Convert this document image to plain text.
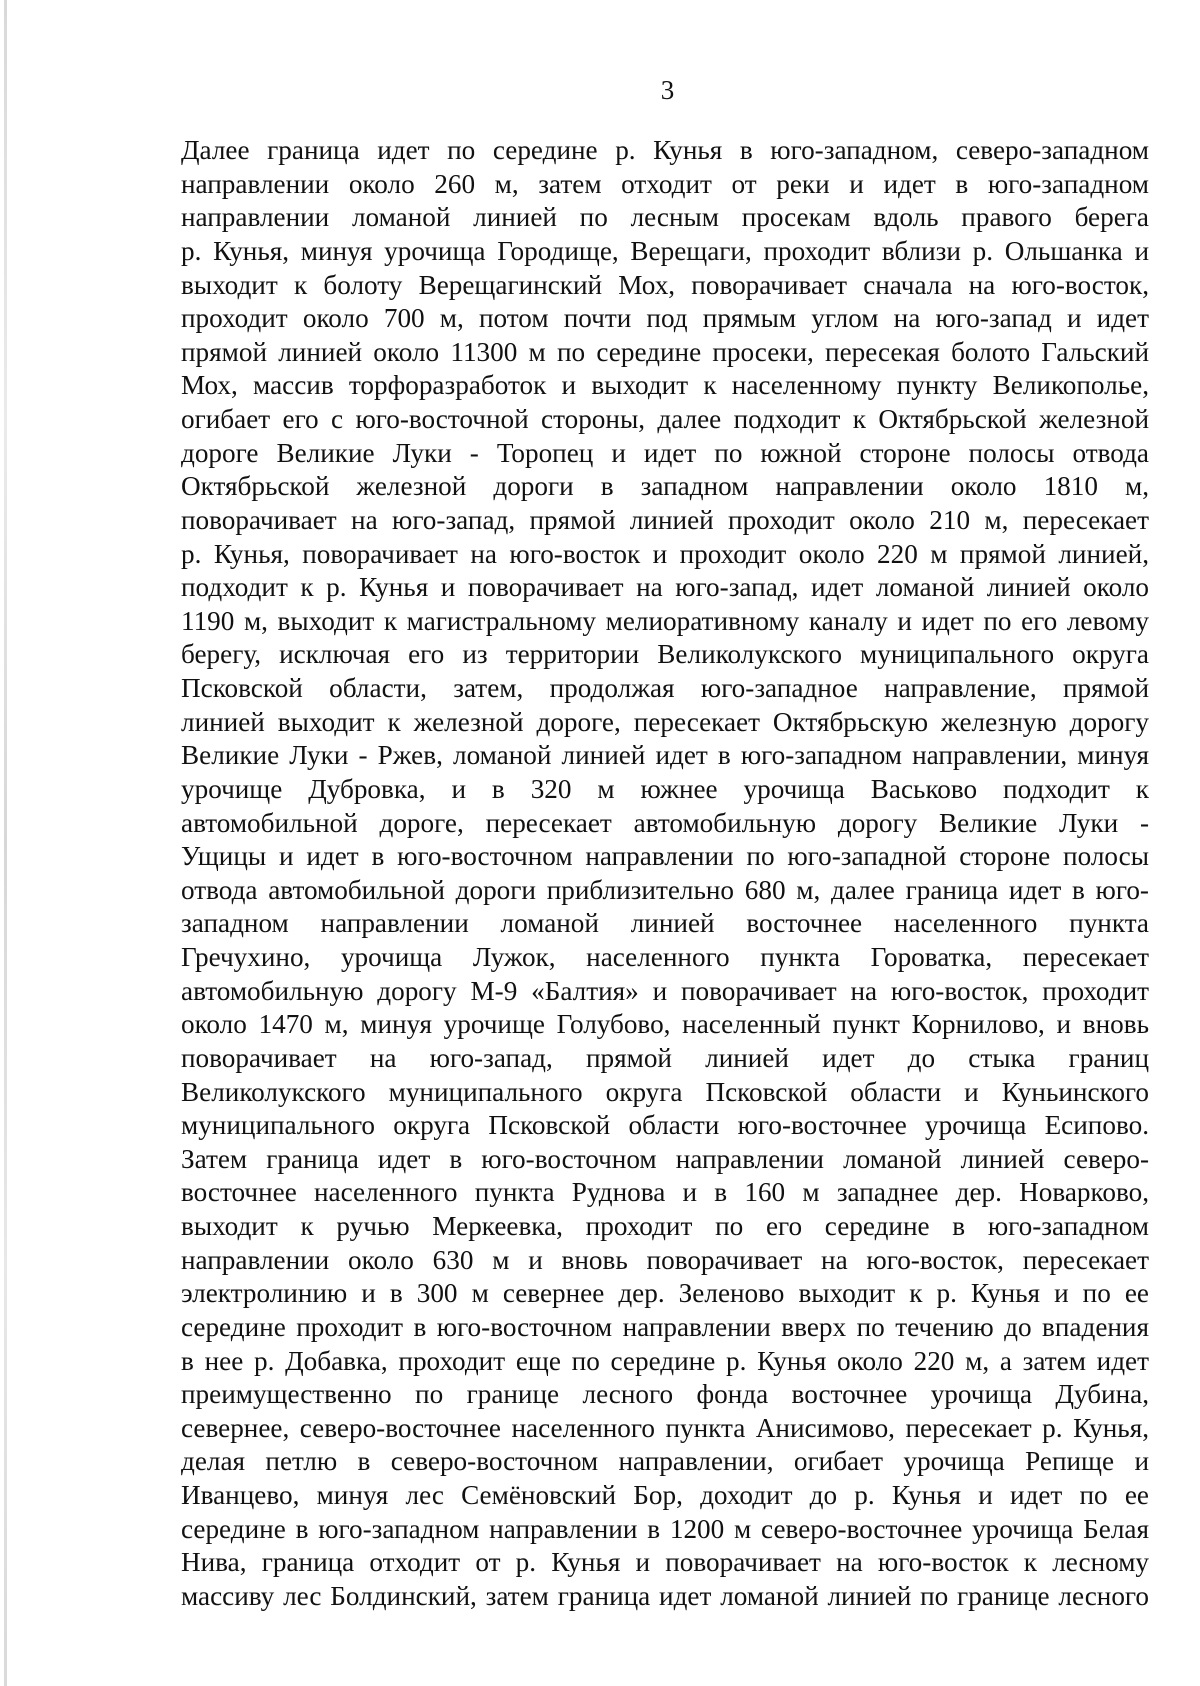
3
Далее граница идет по середине р. Кунья в юго-западном, северо-западном
направлении около 260 м, затем отходит от реки и идет в юго-западном
направлении ломаной линией по лесным просекам вдоль правого берега
р. Кунья, минуя урочища Городище, Верещаги, проходит вблизи р. Ольшанка и
выходит к болоту Верещагинский Мох, поворачивает сначала на юго-восток,
проходит около 700 м, потом почти под прямым углом на юго-запад и идет
прямой линией около 11300 м по середине просеки, пересекая болото Гальский
Мох, массив торфоразработок и выходит к населенному пункту Великополье,
огибает его с юго-восточной стороны, далее подходит к Октябрьской железной
дороге Великие Луки - Торопец и идет по южной стороне полосы отвода
Октябрьской железной дороги в западном направлении около 1810 м,
поворачивает на юго-запад, прямой линией проходит около 210 м, пересекает
р. Кунья, поворачивает на юго-восток и проходит около 220 м прямой линией,
подходит к р. Кунья и поворачивает на юго-запад, идет ломаной линией около
1190 м, выходит к магистральному мелиоративному каналу и идет по его левому
берегу, исключая его из территории Великолукского муниципального округа
Псковской области, затем, продолжая юго-западное направление, прямой
линией выходит к железной дороге, пересекает Октябрьскую железную дорогу
Великие Луки - Ржев, ломаной линией идет в юго-западном направлении, минуя
урочище Дубровка, и в 320 м южнее урочища Васьково подходит к
автомобильной дороге, пересекает автомобильную дорогу Великие Луки -
Ущицы и идет в юго-восточном направлении по юго-западной стороне полосы
отвода автомобильной дороги приблизительно 680 м, далее граница идет в юго-
западном направлении ломаной линией восточнее населенного пункта
Гречухино, урочища Лужок, населенного пункта Гороватка, пересекает
автомобильную дорогу М-9 «Балтия» и поворачивает на юго-восток, проходит
около 1470 м, минуя урочище Голубово, населенный пункт Корнилово, и вновь
поворачивает на юго-запад, прямой линией идет до стыка границ
Великолукского муниципального округа Псковской области и Куньинского
муниципального округа Псковской области юго-восточнее урочища Есипово.
Затем граница идет в юго-восточном направлении ломаной линией северо-
восточнее населенного пункта Руднова и в 160 м западнее дер. Новарково,
выходит к ручью Меркеевка, проходит по его середине в юго-западном
направлении около 630 м и вновь поворачивает на юго-восток, пересекает
электролинию и в 300 м севернее дер. Зеленово выходит к р. Кунья и по ее
середине проходит в юго-восточном направлении вверх по течению до впадения
в нее р. Добавка, проходит еще по середине р. Кунья около 220 м, а затем идет
преимущественно по границе лесного фонда восточнее урочища Дубина,
севернее, северо-восточнее населенного пункта Анисимово, пересекает р. Кунья,
делая петлю в северо-восточном направлении, огибает урочища Репище и
Иванцево, минуя лес Семёновский Бор, доходит до р. Кунья и идет по ее
середине в юго-западном направлении в 1200 м северо-восточнее урочища Белая
Нива, граница отходит от р. Кунья и поворачивает на юго-восток к лесному
массиву лес Болдинский, затем граница идет ломаной линией по границе лесного
